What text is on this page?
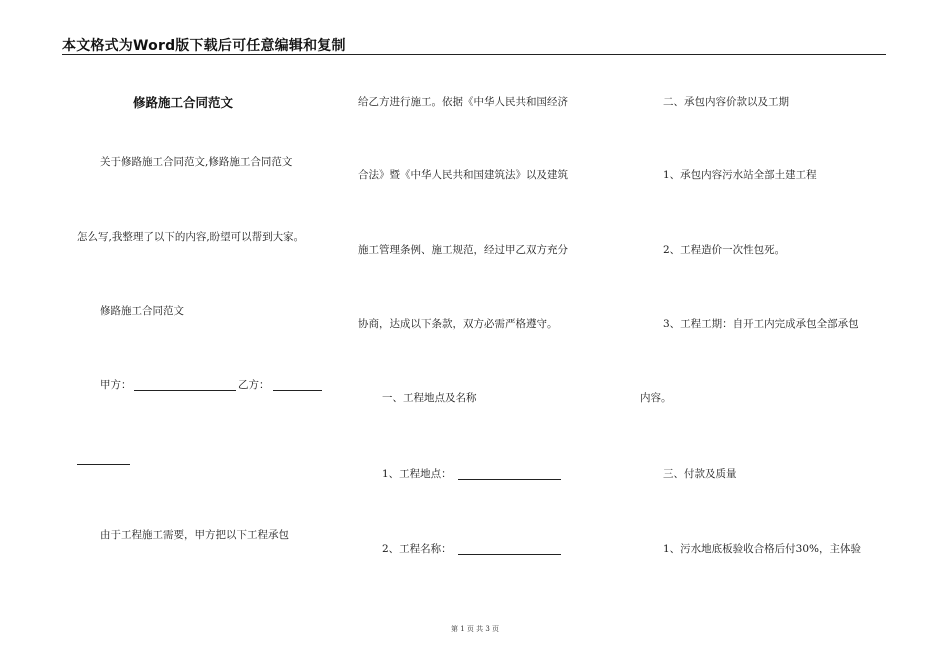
本文格式为Word版下载后可任意编辑和复制
修路施工合同范文
关于修路施工合同范文,修路施工合同范文
怎么写,我整理了以下的内容,盼望可以帮到大家。
修路施工合同范文
甲方：	乙方：
由于工程施工需要，甲方把以下工程承包
给乙方进行施工。依据《中华人民共和国经济
合法》暨《中华人民共和国建筑法》以及建筑
施工管理条例、施工规范，经过甲乙双方充分
协商，达成以下条款，双方必需严格遵守。
一、工程地点及名称
1、工程地点：
2、工程名称：
二、承包内容价款以及工期
1、承包内容污水站全部土建工程
2、工程造价一次性包死。
3、工程工期：自开工内完成承包全部承包
内容。
三、付款及质量
1、污水地底板验收合格后付30%，主体验
第 1 页 共 3 页
